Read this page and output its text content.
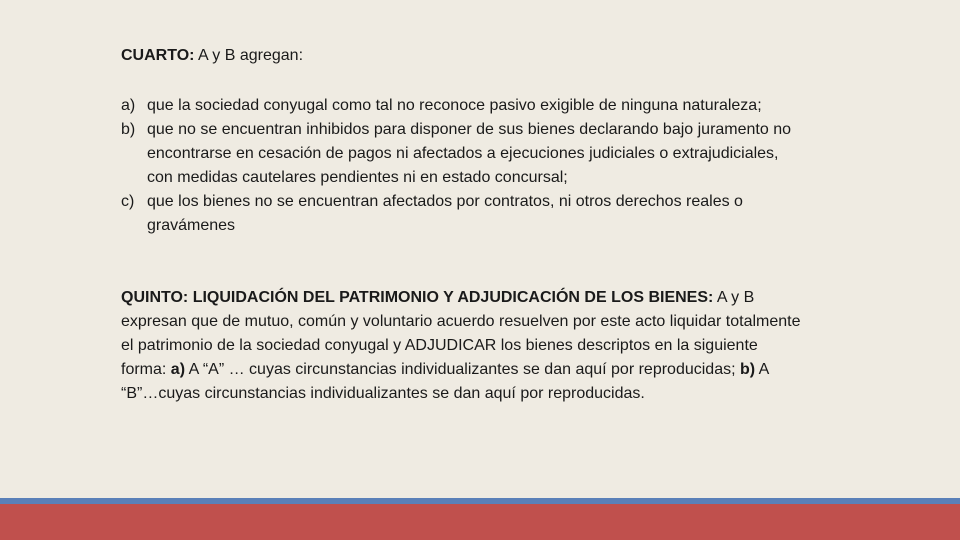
CUARTO: A y B agregan:

a) que la sociedad conyugal como tal no reconoce pasivo exigible de ninguna naturaleza;
b) que no se encuentran inhibidos para disponer de sus bienes declarando bajo juramento no encontrarse en cesación de pagos ni afectados a ejecuciones judiciales o extrajudiciales, con medidas cautelares pendientes ni en estado concursal;
c) que los bienes no se encuentran afectados por contratos, ni otros derechos reales o gravámenes

QUINTO: LIQUIDACIÓN DEL PATRIMONIO Y ADJUDICACIÓN DE LOS BIENES: A y B expresan que de mutuo, común y voluntario acuerdo resuelven por este acto liquidar totalmente el patrimonio de la sociedad conyugal y ADJUDICAR los bienes descriptos en la siguiente forma: a) A “A” … cuyas circunstancias individualizantes se dan aquí por reproducidas; b) A “B”…cuyas circunstancias individualizantes se dan aquí por reproducidas.
